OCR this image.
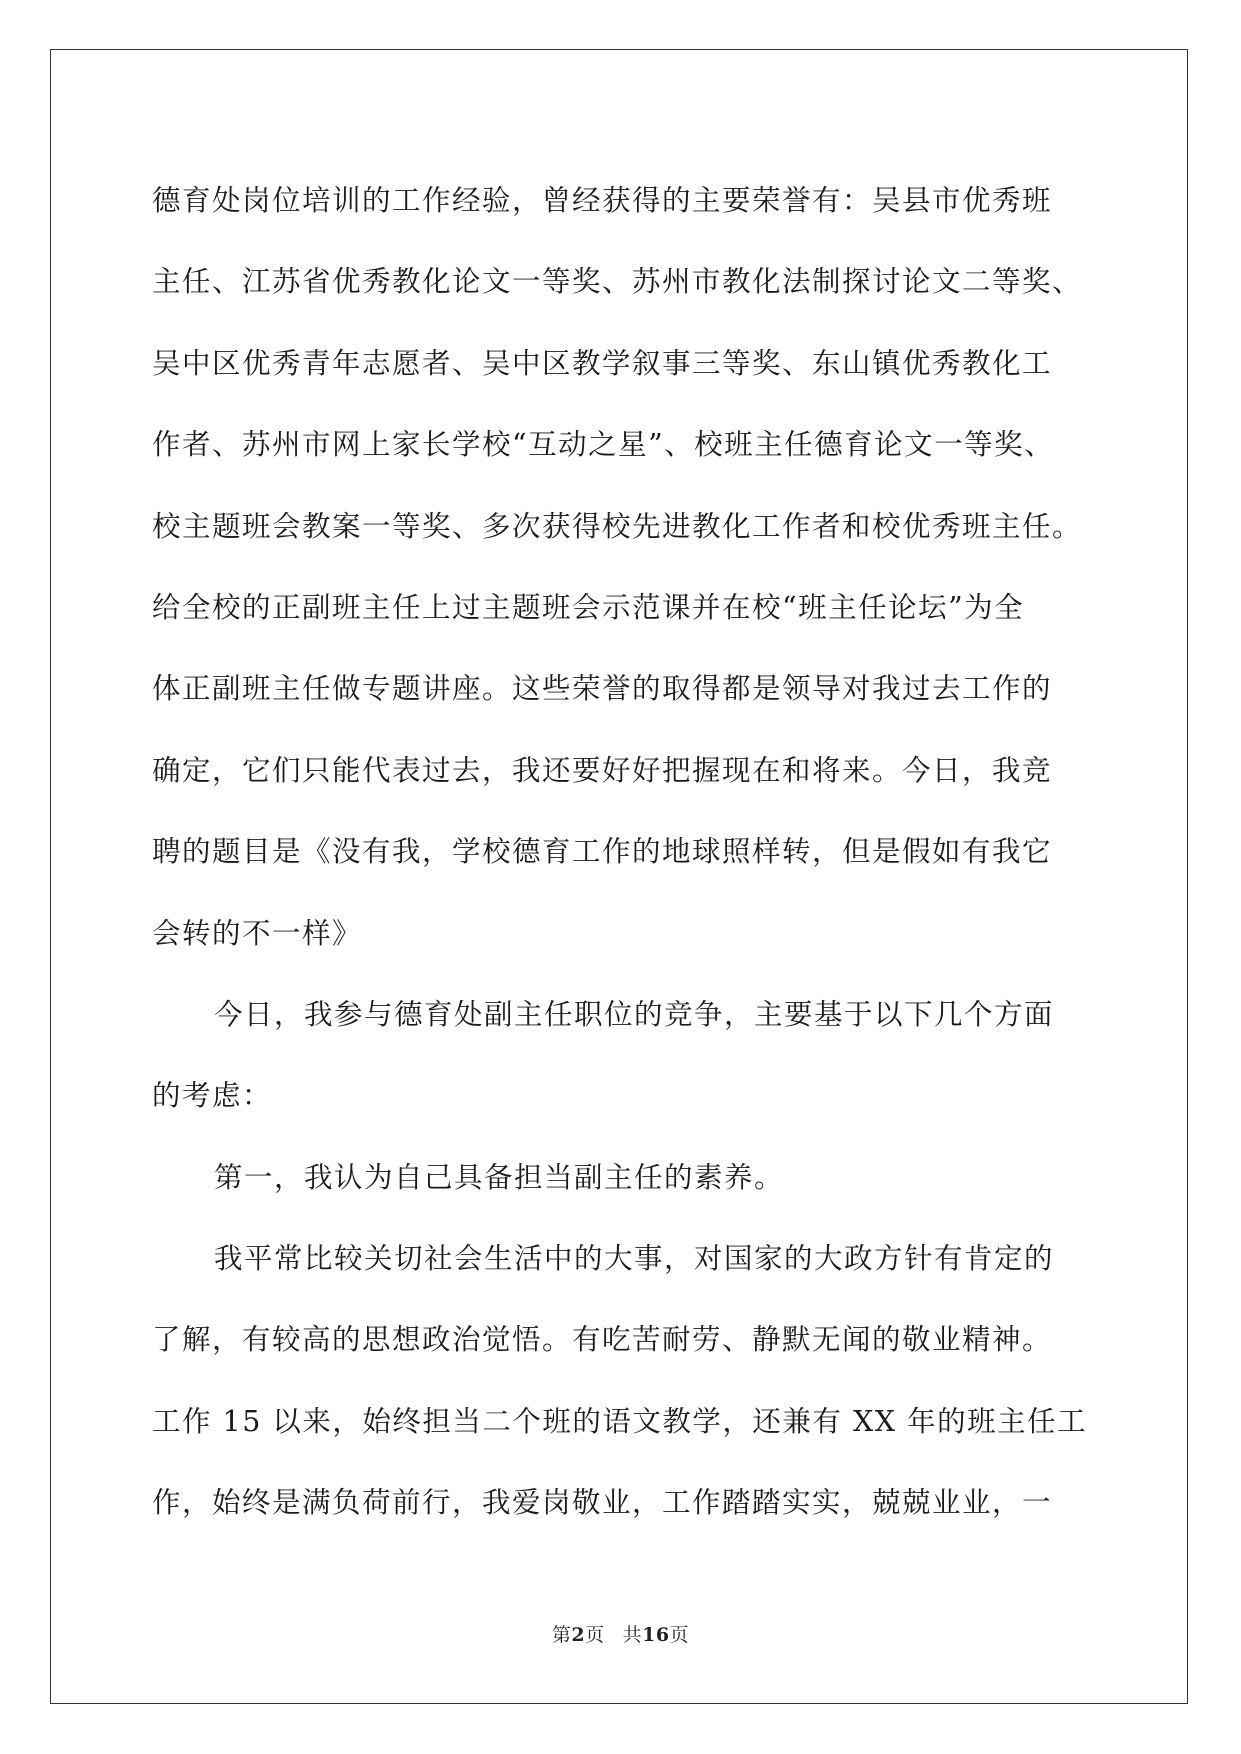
德育处岗位培训的工作经验，曾经获得的主要荣誉有：吴县市优秀班
主任、江苏省优秀教化论文一等奖、苏州市教化法制探讨论文二等奖、
吴中区优秀青年志愿者、吴中区教学叙事三等奖、东山镇优秀教化工
作者、苏州市网上家长学校“互动之星”、校班主任德育论文一等奖、
校主题班会教案一等奖、多次获得校先进教化工作者和校优秀班主任。
给全校的正副班主任上过主题班会示范课并在校“班主任论坛”为全
体正副班主任做专题讲座。这些荣誉的取得都是领导对我过去工作的
确定，它们只能代表过去，我还要好好把握现在和将来。今日，我竞
聘的题目是《没有我，学校德育工作的地球照样转，但是假如有我它
会转的不一样》
今日，我参与德育处副主任职位的竞争，主要基于以下几个方面
的考虑：
第一，我认为自己具备担当副主任的素养。
我平常比较关切社会生活中的大事，对国家的大政方针有肯定的
了解，有较高的思想政治觉悟。有吃苦耐劳、静默无闻的敬业精神。
工作 15 以来，始终担当二个班的语文教学，还兼有 XX 年的班主任工
作，始终是满负荷前行，我爱岗敬业，工作踏踏实实，兢兢业业，一
第2页 共16页
